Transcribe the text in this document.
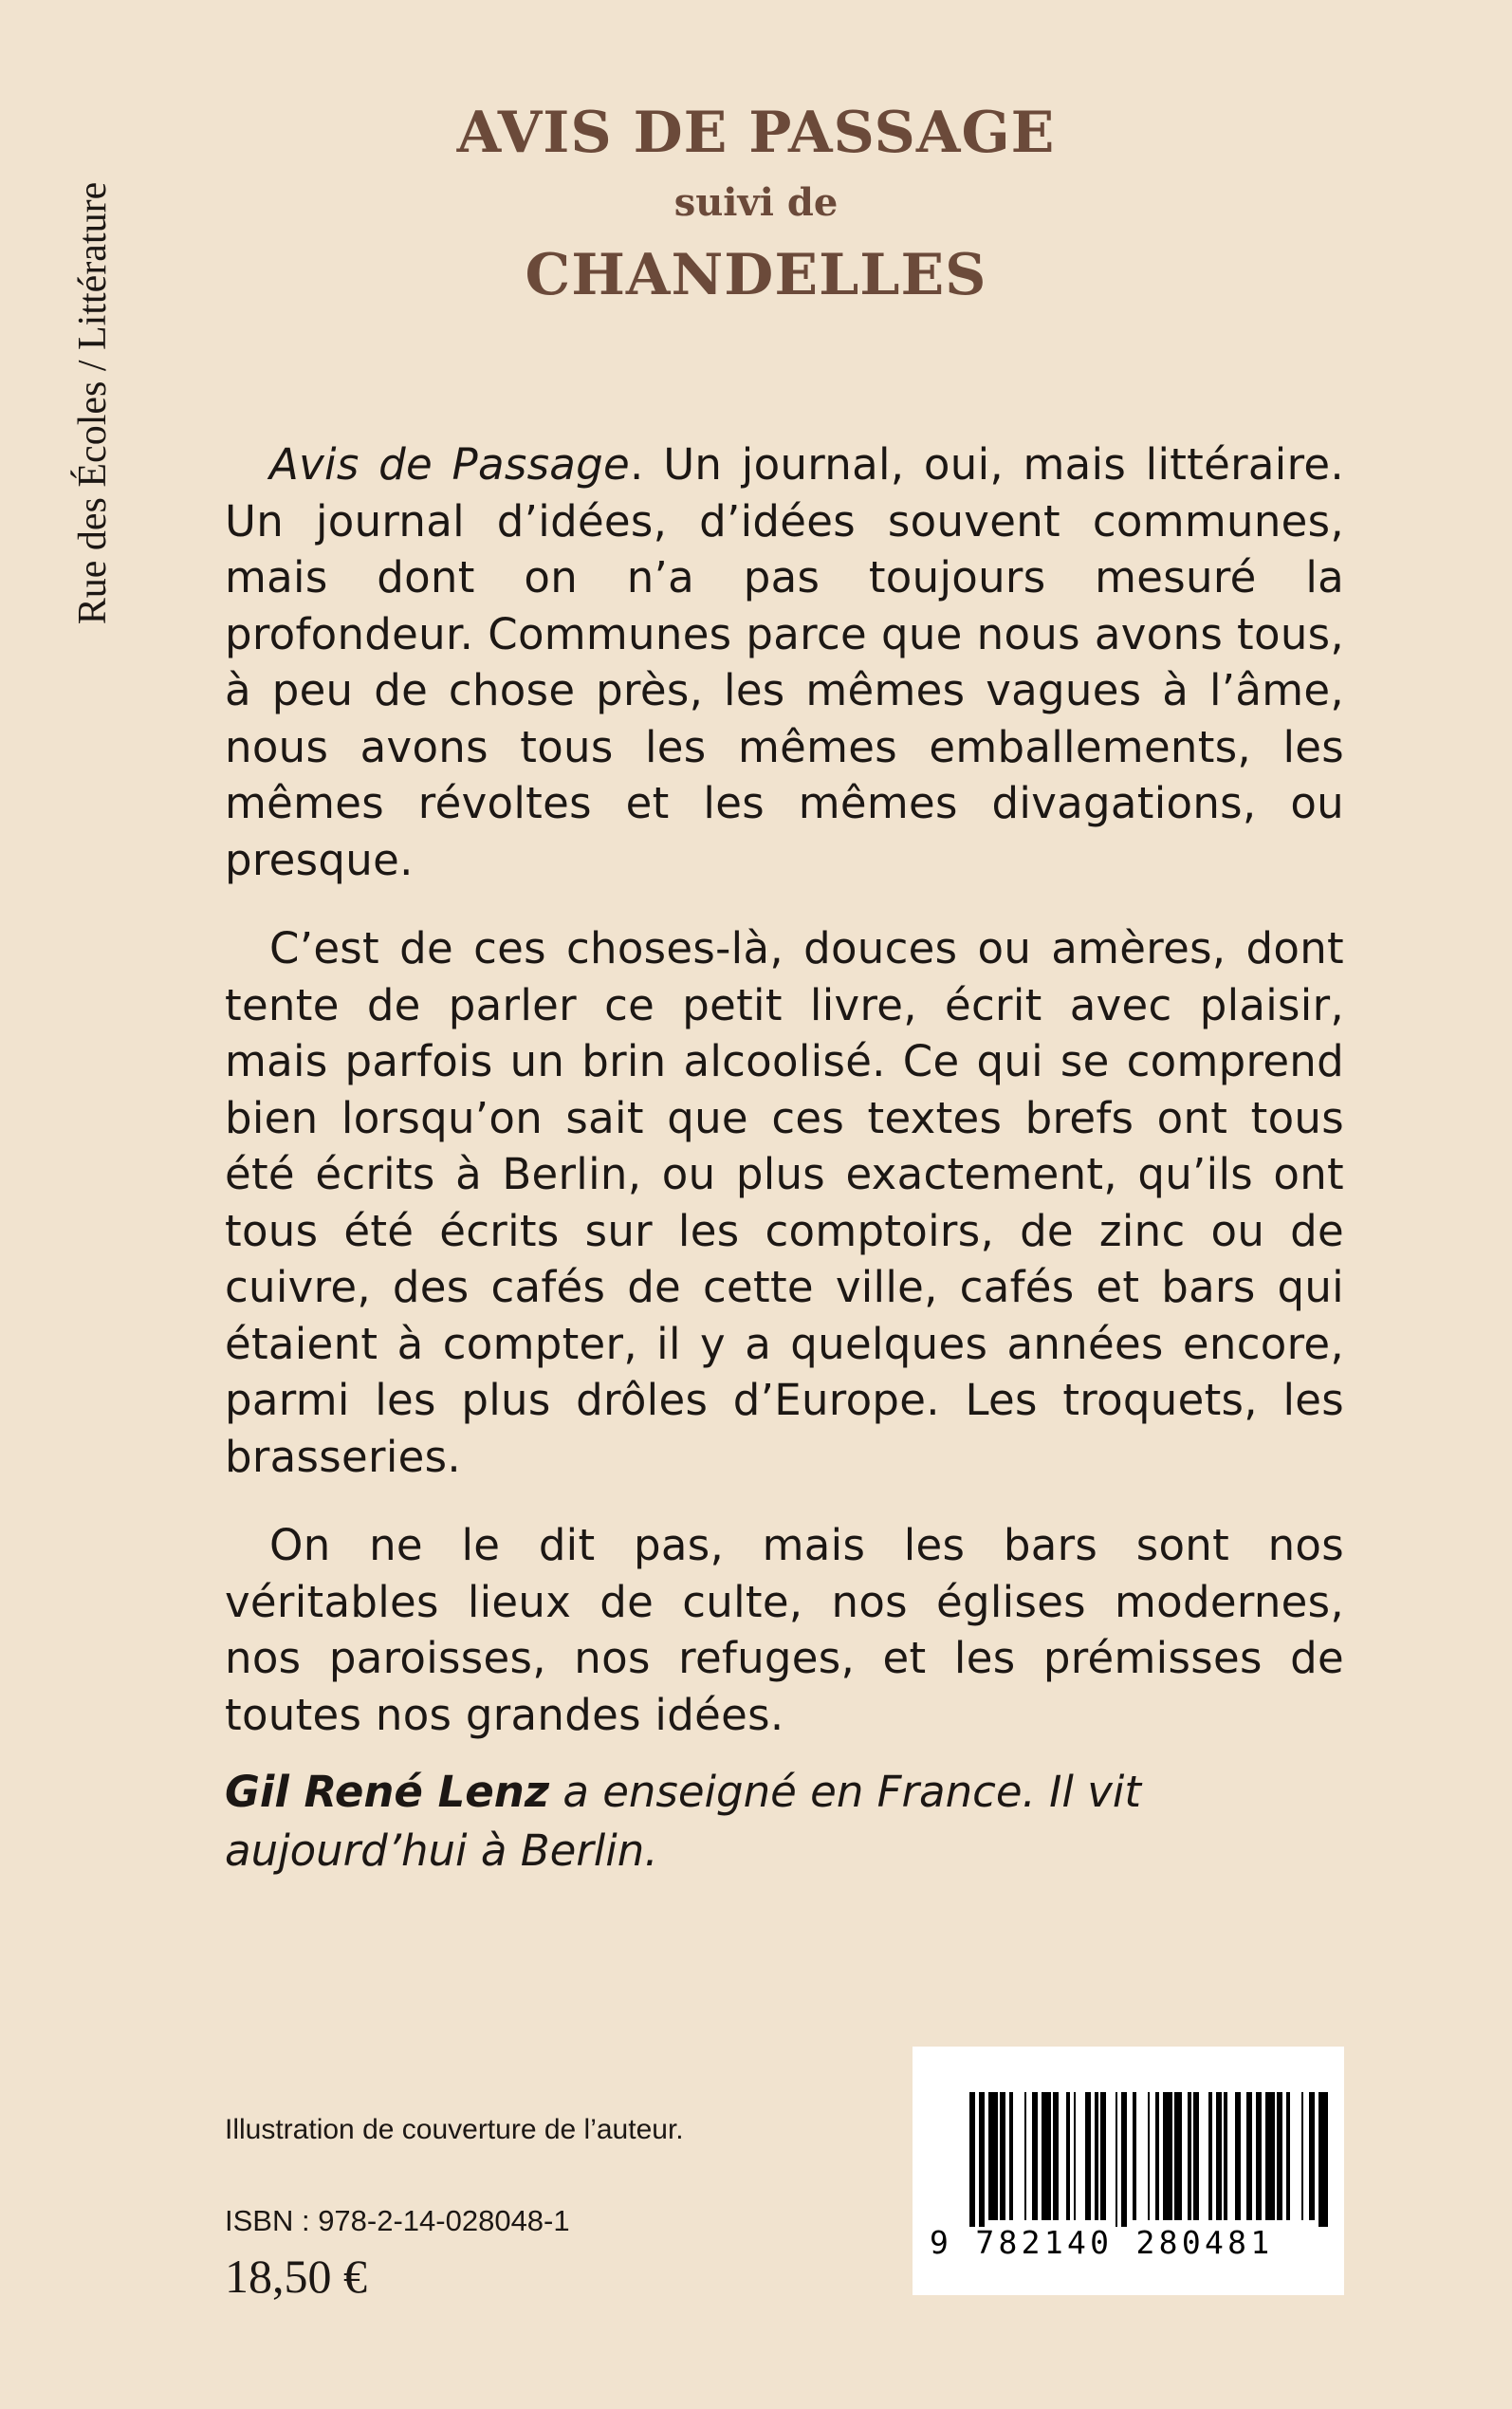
Rue des Écoles / Littérature
AVIS DE PASSAGE
suivi de
CHANDELLES

Avis de Passage. Un journal, oui, mais littéraire. Un journal d’idées, d’idées souvent communes, mais dont on n’a pas toujours mesuré la profondeur. Communes parce que nous avons tous, à peu de chose près, les mêmes vagues à l’âme, nous avons tous les mêmes emballements, les mêmes révoltes et les mêmes divagations, ou presque.

C’est de ces choses-là, douces ou amères, dont tente de parler ce petit livre, écrit avec plaisir, mais parfois un brin alcoolisé. Ce qui se comprend bien lorsqu’on sait que ces textes brefs ont tous été écrits à Berlin, ou plus exactement, qu’ils ont tous été écrits sur les comptoirs, de zinc ou de cuivre, des cafés de cette ville, cafés et bars qui étaient à compter, il y a quelques années encore, parmi les plus drôles d’Europe. Les troquets, les brasseries.

On ne le dit pas, mais les bars sont nos véritables lieux de culte, nos églises modernes, nos paroisses, nos refuges, et les prémisses de toutes nos grandes idées.

Gil René Lenz a enseigné en France. Il vit aujourd’hui à Berlin.
Illustration de couverture de l’auteur.
ISBN : 978-2-14-028048-1
18,50 €
9 782140 280481
